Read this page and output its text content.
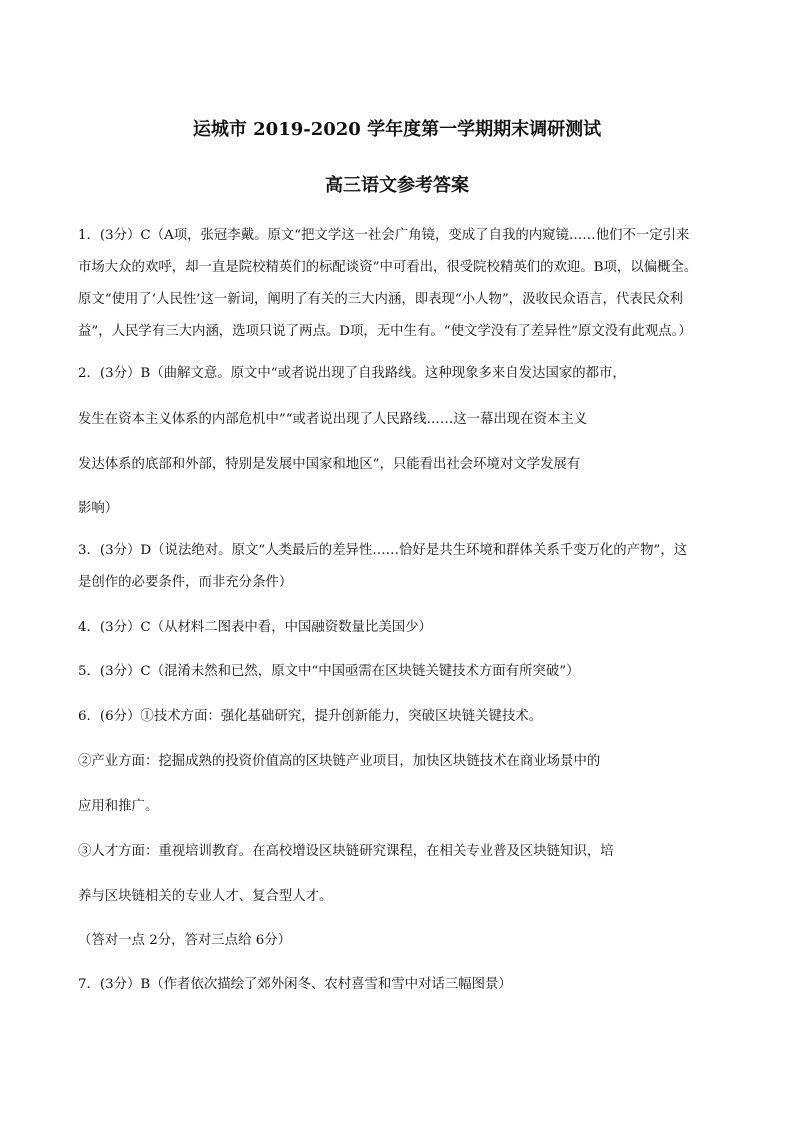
运城市 2019-2020 学年度第一学期期末调研测试
高三语文参考答案

1．(3分）C（A项，张冠李戴。原文“把文学这一社会广角镜，变成了自我的内窥镜……他们不一定引来

市场大众的欢呼，却一直是院校精英们的标配谈资”中可看出，很受院校精英们的欢迎。B项，以偏概全。

原文“使用了‘人民性’这一新词，阐明了有关的三大内涵，即表现“小人物”，汲收民众语言，代表民众利

益”，人民学有三大内涵，选项只说了两点。D项，无中生有。“使文学没有了差异性”原文没有此观点。）

2．(3分）B（曲解文意。原文中“或者说出现了自我路线。这种现象多来自发达国家的都市，

发生在资本主义体系的内部危机中”“或者说出现了人民路线……这一幕出现在资本主义

发达体系的底部和外部，特别是发展中国家和地区”，只能看出社会环境对文学发展有

影响）

3．(3分）D（说法绝对。原文“人类最后的差异性……恰好是共生环境和群体关系千变万化的产物”，这

是创作的必要条件，而非充分条件）

4．(3分）C（从材料二图表中看，中国融资数量比美国少）

5．(3分）C（混淆未然和已然，原文中“中国亟需在区块链关键技术方面有所突破”）

6．(6分）①技术方面：强化基础研究，提升创新能力，突破区块链关键技术。

②产业方面：挖掘成熟的投资价值高的区块链产业项目，加快区块链技术在商业场景中的

应用和推广。

③人才方面：重视培训教育。在高校增设区块链研究课程，在相关专业普及区块链知识，培

养与区块链相关的专业人才、复合型人才。

（答对一点 2分，答对三点给 6分）

7．(3分）B（作者依次描绘了郊外闲冬、农村喜雪和雪中对话三幅图景）
